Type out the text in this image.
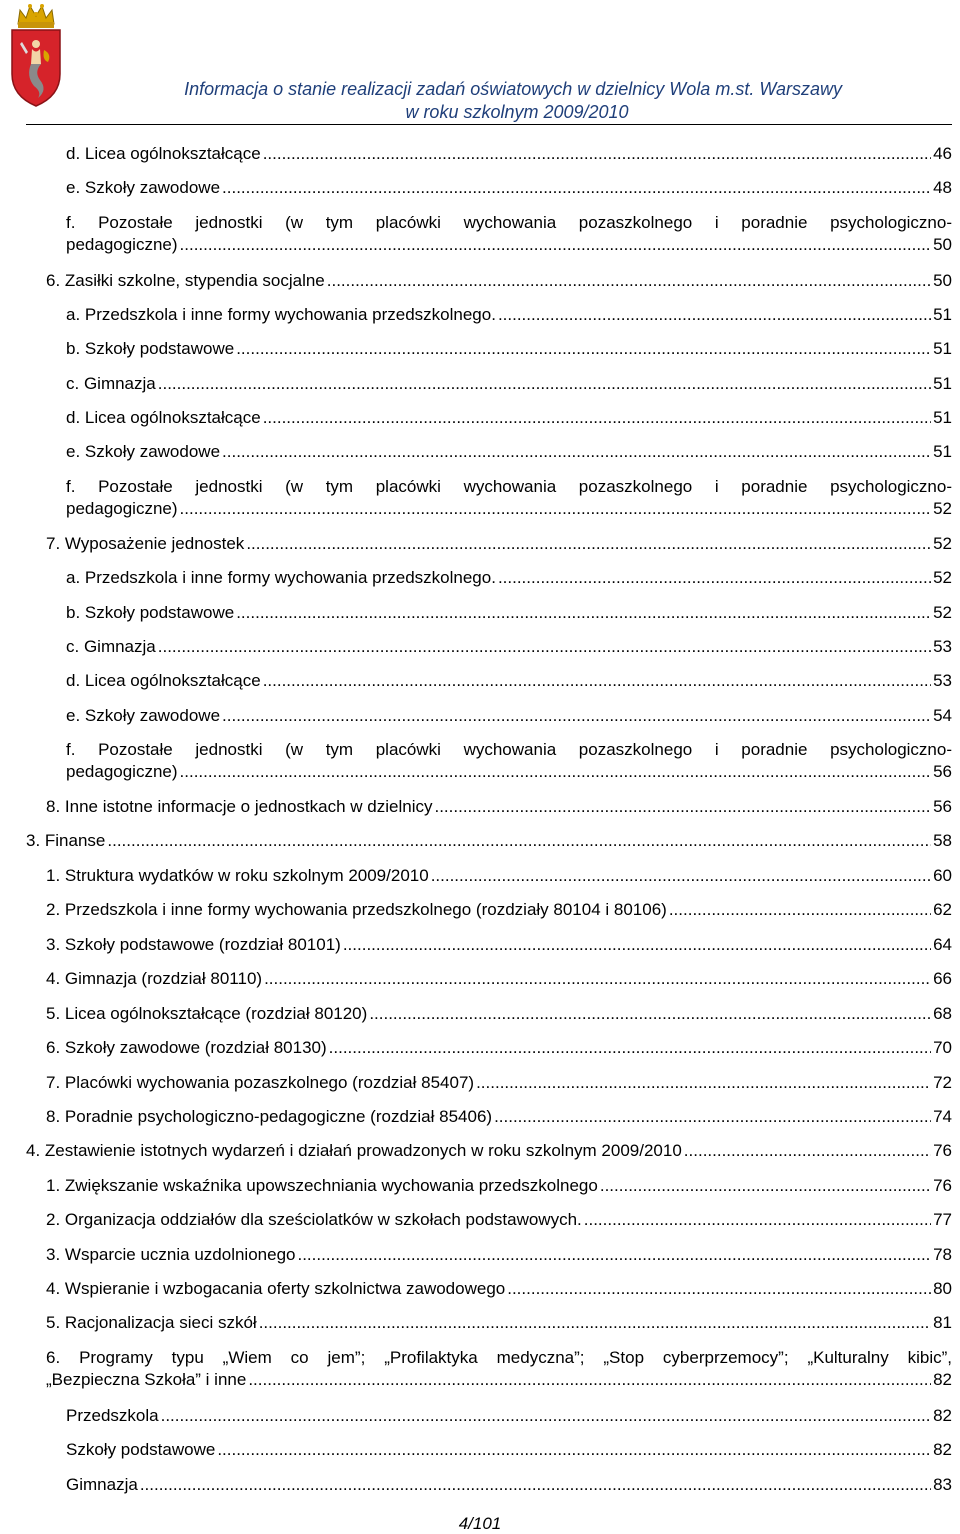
Informacja o stanie realizacji zadań oświatowych w dzielnicy Wola m.st. Warszawy
w roku szkolnym 2009/2010
d. Licea ogólnokształcące .....	46
e. Szkoły zawodowe .....	48
f. Pozostałe jednostki (w tym placówki wychowania pozaszkolnego i poradnie psychologiczno-
pedagogiczne) .....	50
6. Zasiłki szkolne, stypendia socjalne .....	50
a. Przedszkola i inne formy wychowania przedszkolnego. .....	51
b. Szkoły podstawowe .....	51
c. Gimnazja .....	51
d. Licea ogólnokształcące .....	51
e. Szkoły zawodowe .....	51
f. Pozostałe jednostki (w tym placówki wychowania pozaszkolnego i poradnie psychologiczno-
pedagogiczne) .....	52
7. Wyposażenie jednostek .....	52
a. Przedszkola i inne formy wychowania przedszkolnego. .....	52
b. Szkoły podstawowe .....	52
c. Gimnazja .....	53
d. Licea ogólnokształcące .....	53
e. Szkoły zawodowe .....	54
f. Pozostałe jednostki (w tym placówki wychowania pozaszkolnego i poradnie psychologiczno-
pedagogiczne) .....	56
8. Inne istotne informacje o jednostkach w dzielnicy .....	56
3. Finanse .....	58
1. Struktura wydatków w roku szkolnym 2009/2010 .....	60
2. Przedszkola i inne formy wychowania przedszkolnego (rozdziały 80104 i 80106) .....	62
3. Szkoły podstawowe (rozdział 80101) .....	64
4. Gimnazja (rozdział 80110) .....	66
5. Licea ogólnokształcące (rozdział 80120) .....	68
6. Szkoły zawodowe (rozdział 80130) .....	70
7. Placówki wychowania pozaszkolnego (rozdział 85407) .....	72
8. Poradnie psychologiczno-pedagogiczne (rozdział 85406) .....	74
4. Zestawienie istotnych wydarzeń i działań prowadzonych w roku szkolnym 2009/2010 .....	76
1. Zwiększanie wskaźnika upowszechniania wychowania przedszkolnego .....	76
2. Organizacja oddziałów dla sześciolatków w szkołach podstawowych. .....	77
3. Wsparcie ucznia uzdolnionego .....	78
4. Wspieranie i wzbogacania oferty szkolnictwa zawodowego .....	80
5. Racjonalizacja sieci szkół .....	81
6. Programy typu „Wiem co jem”; „Profilaktyka medyczna”; „Stop cyberprzemocy”; „Kulturalny kibic”,
„Bezpieczna Szkoła” i inne .....	82
Przedszkola .....	82
Szkoły podstawowe .....	82
Gimnazja .....	83
4/101
